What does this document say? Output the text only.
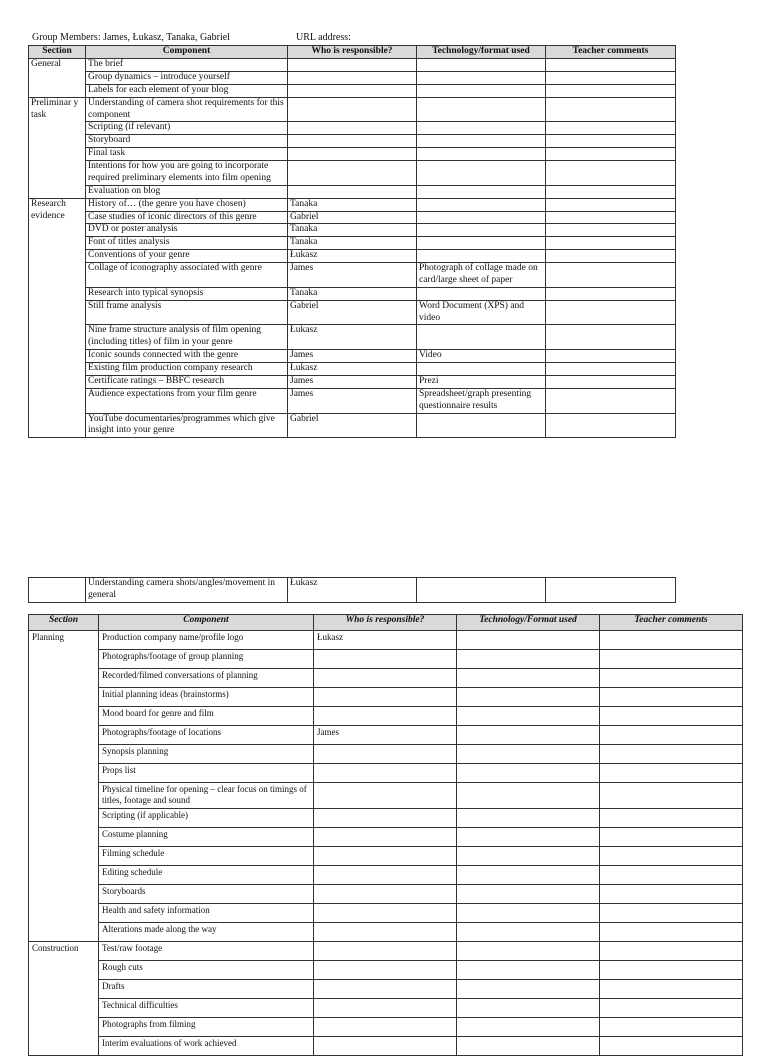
Group Members: James, Łukasz, Tanaka, Gabriel	URL address:
Section	Component	Who is responsible?	Technology/format used	Teacher comments
General	The brief			
	Group dynamics – introduce yourself			
	Labels for each element of your blog			
Preliminar y task	Understanding of camera shot requirements for this component			
	Scripting (if relevant)			
	Storyboard			
	Final task			
	Intentions for how you are going to incorporate required preliminary elements into film opening			
	Evaluation on blog			
Research evidence	History of… (the genre you have chosen)	Tanaka		
	Case studies of iconic directors of this genre	Gabriel		
	DVD or poster analysis	Tanaka		
	Font of titles analysis	Tanaka		
	Conventions of your genre	Łukasz		
	Collage of iconography associated with genre	James	Photograph of collage made on card/large sheet of paper	
	Research into typical synopsis	Tanaka		
	Still frame analysis	Gabriel	Word Document (XPS) and video	
	Nine frame structure analysis of film opening (including titles) of film in your genre	Łukasz		
	Iconic sounds connected with the genre	James	Video	
	Existing film production company research	Łukasz		
	Certificate ratings – BBFC research	James	Prezi	
	Audience expectations from your film genre	James	Spreadsheet/graph presenting questionnaire results	
	YouTube documentaries/programmes which give insight into your genre	Gabriel		
	Understanding camera shots/angles/movement in general	Łukasz		
Section	Component	Who is responsible?	Technology/Format used	Teacher comments
Planning	Production company name/profile logo	Łukasz		
	Photographs/footage of group planning			
	Recorded/filmed conversations of planning			
	Initial planning ideas (brainstorms)			
	Mood board for genre and film			
	Photographs/footage of locations	James		
	Synopsis planning			
	Props list			
	Physical timeline for opening – clear focus on timings of titles, footage and sound			
	Scripting (if applicable)			
	Costume planning			
	Filming schedule			
	Editing schedule			
	Storyboards			
	Health and safety information			
	Alterations made along the way			
Construction	Test/raw footage			
	Rough cuts			
	Drafts			
	Technical difficulties			
	Photographs from filming			
	Interim evaluations of work achieved			
